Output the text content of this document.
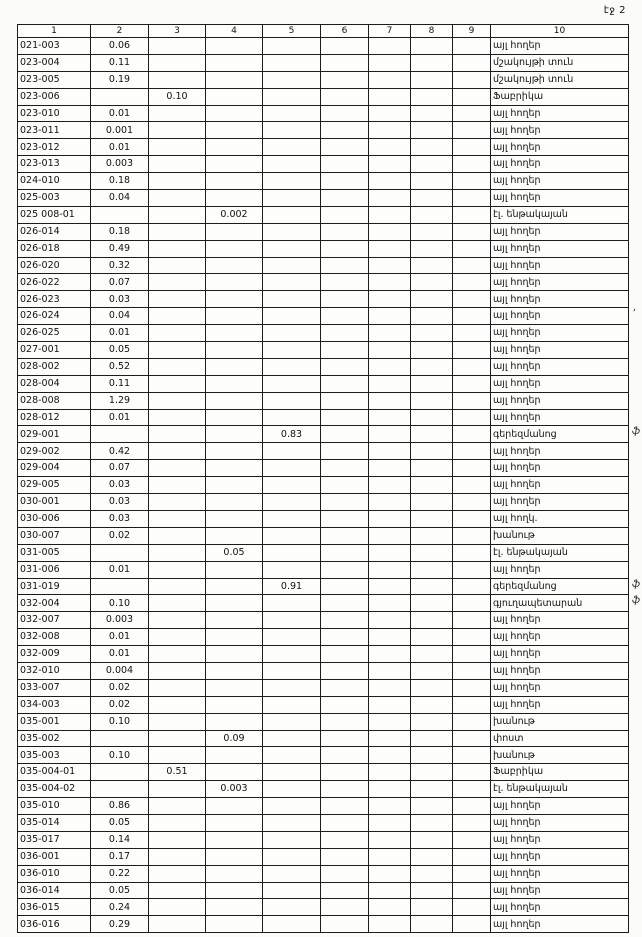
էջ 2
1	2	3	4	5	6	7	8	9	10
021-003	0.06								այլ հողեր
023-004	0.11								մշակույթի տուն
023-005	0.19								մշակույթի տուն
023-006		0.10							Ֆաբրիկա
023-010	0.01								այլ հողեր
023-011	0.001								այլ հողեր
023-012	0.01								այլ հողեր
023-013	0.003								այլ հողեր
024-010	0.18								այլ հողեր
025-003	0.04								այլ հողեր
025 008-01			0.002						էլ. ենթակայան
026-014	0.18								այլ հողեր
026-018	0.49								այլ հողեր
026-020	0.32								այլ հողեր
026-022	0.07								այլ հողեր
026-023	0.03								այլ հողեր
026-024	0.04								այլ հողեր ’

026-025	0.01								այլ հողեր
027-001	0.05								այլ հողեր
028-002	0.52								այլ հողեր
028-004	0.11								այլ հողեր
028-008	1.29								այլ հողեր
028-012	0.01								այլ հողեր
029-001				0.83					գերեզմանոց ֆ

029-002	0.42								այլ հողեր
029-004	0.07								այլ հողեր
029-005	0.03								այլ հողեր
030-001	0.03								այլ հողեր
030-006	0.03								այլ հողկ.
030-007	0.02								խանութ
031-005			0.05						էլ. ենթակայան
031-006	0.01								այլ հողեր
031-019				0.91					գերեզմանոց ֆ

032-004	0.10								գյուղապետարան ֆ

032-007	0.003								այլ հողեր
032-008	0.01								այլ հողեր
032-009	0.01								այլ հողեր
032-010	0.004								այլ հողեր
033-007	0.02								այլ հողեր
034-003	0.02								այլ հողեր
035-001	0.10								խանութ
035-002			0.09						փոստ
035-003	0.10								խանութ
035-004-01		0.51							Ֆաբրիկա
035-004-02			0.003						էլ. ենթակայան
035-010	0.86								այլ հողեր
035-014	0.05								այլ հողեր
035-017	0.14								այլ հողեր
036-001	0.17								այլ հողեր
036-010	0.22								այլ հողեր
036-014	0.05								այլ հողեր
036-015	0.24								այլ հողեր
036-016	0.29								այլ հողեր
